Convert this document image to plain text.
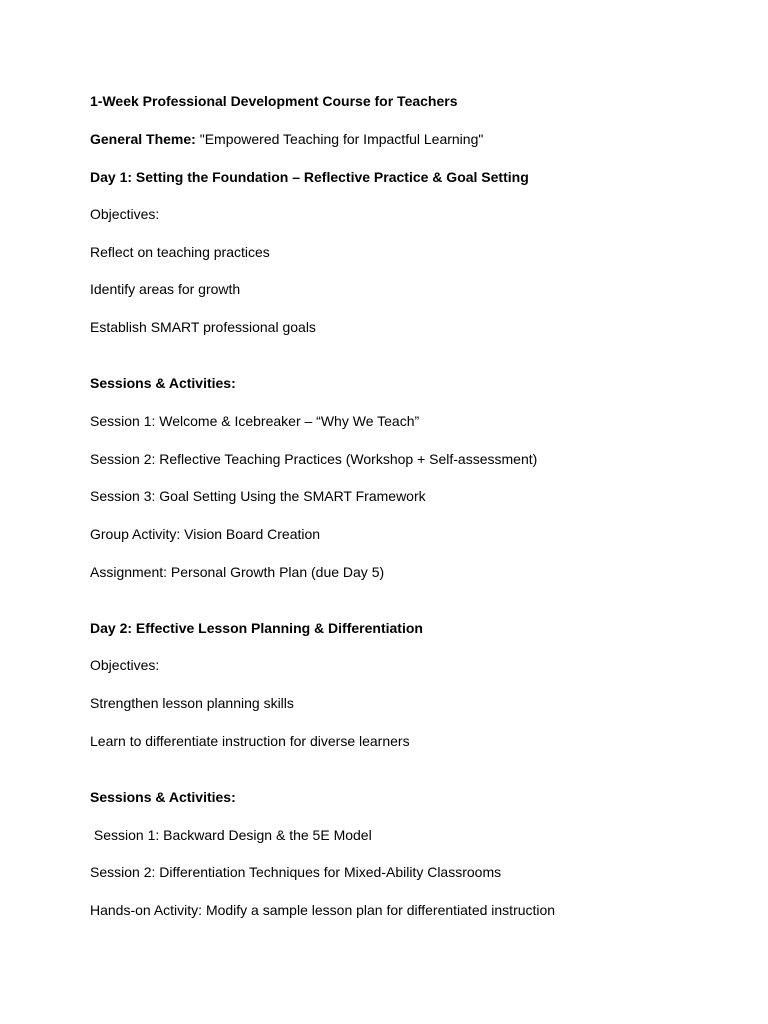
1-Week Professional Development Course for Teachers
General Theme: "Empowered Teaching for Impactful Learning"
Day 1: Setting the Foundation – Reflective Practice & Goal Setting
Objectives:
Reflect on teaching practices
Identify areas for growth
Establish SMART professional goals
Sessions & Activities:
Session 1: Welcome & Icebreaker – “Why We Teach”
Session 2: Reflective Teaching Practices (Workshop + Self-assessment)
Session 3: Goal Setting Using the SMART Framework
Group Activity: Vision Board Creation
Assignment: Personal Growth Plan (due Day 5)
Day 2: Effective Lesson Planning & Differentiation
Objectives:
Strengthen lesson planning skills
Learn to differentiate instruction for diverse learners
Sessions & Activities:
Session 1: Backward Design & the 5E Model
Session 2: Differentiation Techniques for Mixed-Ability Classrooms
Hands-on Activity: Modify a sample lesson plan for differentiated instruction
